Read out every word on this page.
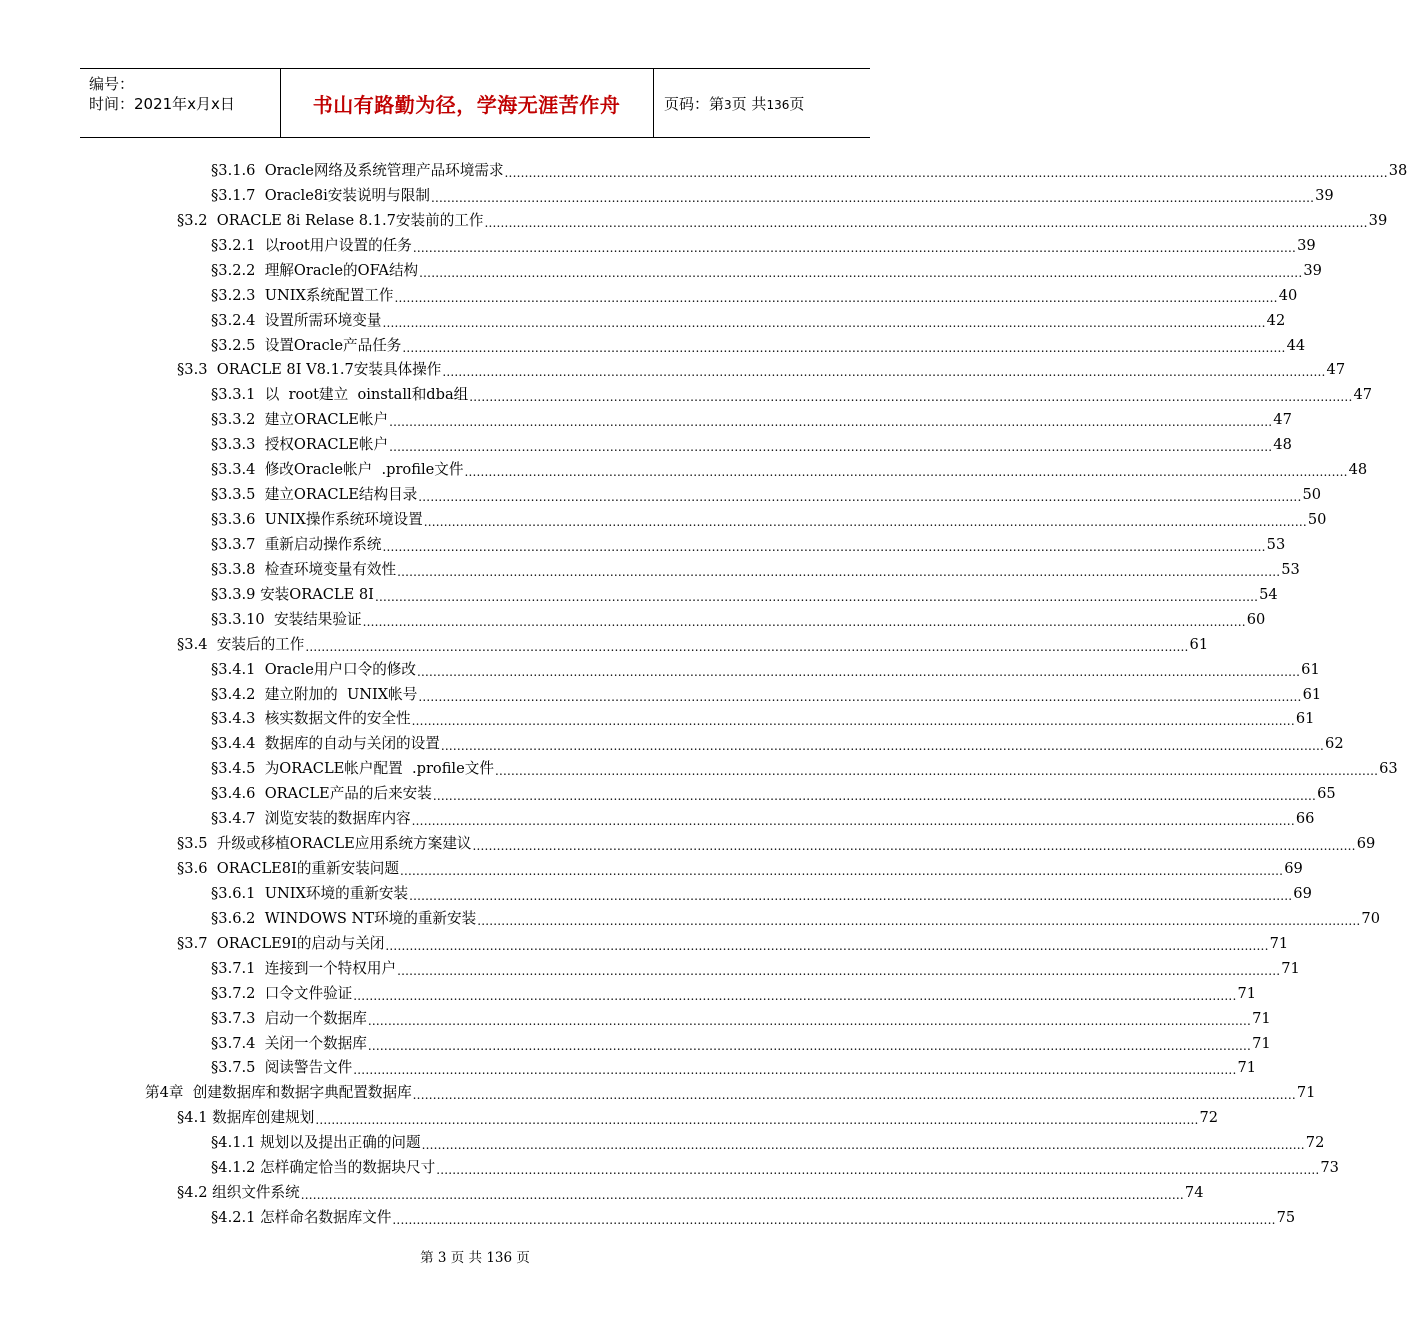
编号：
时间：2021年x月x日	书山有路勤为径，学海无涯苦作舟	页码：第3页 共136页
§3.1.6  Oracle网络及系统管理产品环境需求 ............................................................................................................................................................................................................................ 38
§3.1.7  Oracle8i安装说明与限制 ............................................................................................................................................................................................................................ 39
§3.2  ORACLE 8i Relase 8.1.7安装前的工作 ............................................................................................................................................................................................................................ 39
§3.2.1  以root用户设置的任务 ............................................................................................................................................................................................................................ 39
§3.2.2  理解Oracle的OFA结构 ............................................................................................................................................................................................................................ 39
§3.2.3  UNIX系统配置工作 ............................................................................................................................................................................................................................ 40
§3.2.4  设置所需环境变量 ............................................................................................................................................................................................................................ 42
§3.2.5  设置Oracle产品任务 ............................................................................................................................................................................................................................ 44
§3.3  ORACLE 8I V8.1.7安装具体操作 ............................................................................................................................................................................................................................ 47
§3.3.1  以  root建立  oinstall和dba组 ............................................................................................................................................................................................................................ 47
§3.3.2  建立ORACLE帐户 ............................................................................................................................................................................................................................ 47
§3.3.3  授权ORACLE帐户 ............................................................................................................................................................................................................................ 48
§3.3.4  修改Oracle帐户  .profile文件 ............................................................................................................................................................................................................................ 48
§3.3.5  建立ORACLE结构目录 ............................................................................................................................................................................................................................ 50
§3.3.6  UNIX操作系统环境设置 ............................................................................................................................................................................................................................ 50
§3.3.7  重新启动操作系统 ............................................................................................................................................................................................................................ 53
§3.3.8  检查环境变量有效性 ............................................................................................................................................................................................................................ 53
§3.3.9 安装ORACLE 8I ............................................................................................................................................................................................................................ 54
§3.3.10  安装结果验证 ............................................................................................................................................................................................................................ 60
§3.4  安装后的工作 ............................................................................................................................................................................................................................ 61
§3.4.1  Oracle用户口令的修改 ............................................................................................................................................................................................................................ 61
§3.4.2  建立附加的  UNIX帐号 ............................................................................................................................................................................................................................ 61
§3.4.3  核实数据文件的安全性 ............................................................................................................................................................................................................................ 61
§3.4.4  数据库的自动与关闭的设置 ............................................................................................................................................................................................................................ 62
§3.4.5  为ORACLE帐户配置  .profile文件 ............................................................................................................................................................................................................................ 63
§3.4.6  ORACLE产品的后来安装 ............................................................................................................................................................................................................................ 65
§3.4.7  浏览安装的数据库内容 ............................................................................................................................................................................................................................ 66
§3.5  升级或移植ORACLE应用系统方案建议 ............................................................................................................................................................................................................................ 69
§3.6  ORACLE8I的重新安装问题 ............................................................................................................................................................................................................................ 69
§3.6.1  UNIX环境的重新安装 ............................................................................................................................................................................................................................ 69
§3.6.2  WINDOWS NT环境的重新安装 ............................................................................................................................................................................................................................ 70
§3.7  ORACLE9I的启动与关闭 ............................................................................................................................................................................................................................ 71
§3.7.1  连接到一个特权用户 ............................................................................................................................................................................................................................ 71
§3.7.2  口令文件验证 ............................................................................................................................................................................................................................ 71
§3.7.3  启动一个数据库 ............................................................................................................................................................................................................................ 71
§3.7.4  关闭一个数据库 ............................................................................................................................................................................................................................ 71
§3.7.5  阅读警告文件 ............................................................................................................................................................................................................................ 71
第4章  创建数据库和数据字典配置数据库 ............................................................................................................................................................................................................................ 71
§4.1 数据库创建规划 ............................................................................................................................................................................................................................ 72
§4.1.1 规划以及提出正确的问题 ............................................................................................................................................................................................................................ 72
§4.1.2 怎样确定恰当的数据块尺寸 ............................................................................................................................................................................................................................ 73
§4.2 组织文件系统 ............................................................................................................................................................................................................................ 74
§4.2.1 怎样命名数据库文件 ............................................................................................................................................................................................................................ 75
第 3 页 共 136 页
